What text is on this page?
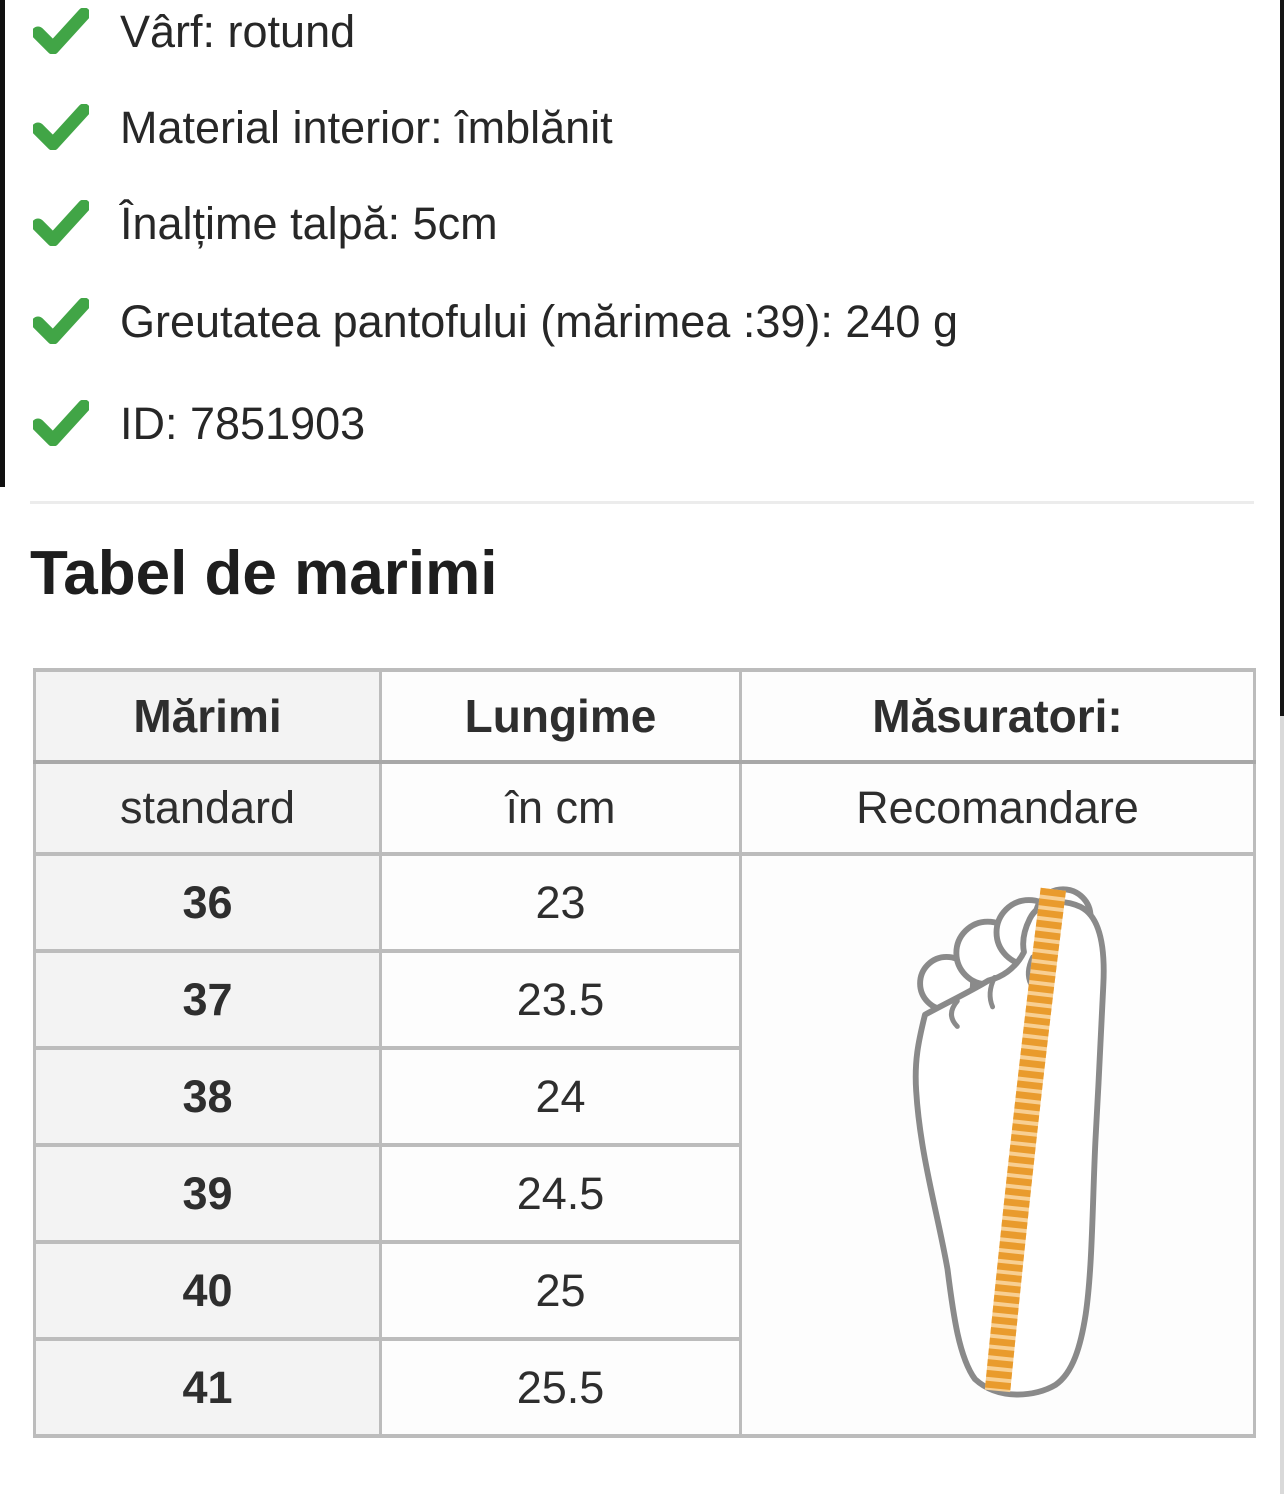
Vârf: rotund
Material interior: îmblănit
Înalțime talpă: 5cm
Greutatea pantofului (mărimea :39): 240 g
ID: 7851903
Tabel de marimi
Mărimi	Lungime	Măsuratori:
standard	în cm	Recomandare
36	23	

37	23.5	
38	24	
39	24.5	
40	25	
41	25.5	
